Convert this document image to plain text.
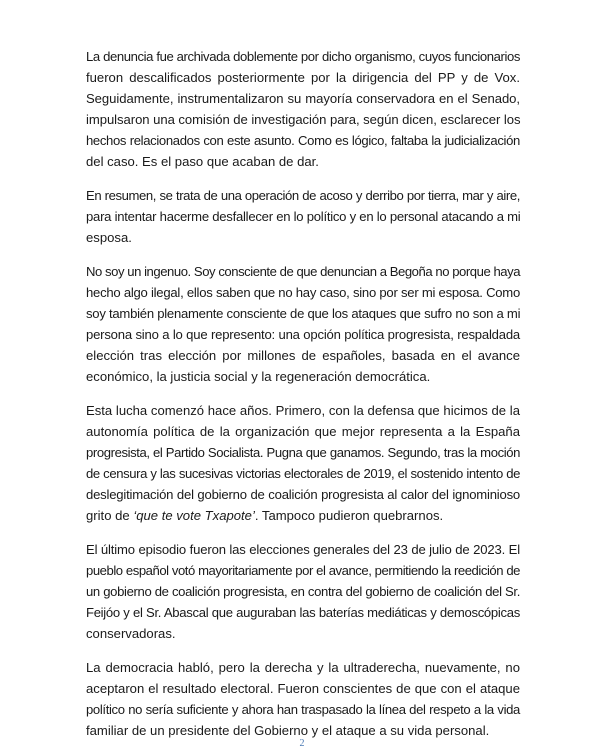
La denuncia fue archivada doblemente por dicho organismo, cuyos funcionarios
fueron descalificados posteriormente por la dirigencia del PP y de Vox.
Seguidamente, instrumentalizaron su mayoría conservadora en el Senado,
impulsaron una comisión de investigación para, según dicen, esclarecer los
hechos relacionados con este asunto. Como es lógico, faltaba la judicialización
del caso. Es el paso que acaban de dar.

En resumen, se trata de una operación de acoso y derribo por tierra, mar y aire,
para intentar hacerme desfallecer en lo político y en lo personal atacando a mi
esposa.

No soy un ingenuo. Soy consciente de que denuncian a Begoña no porque haya
hecho algo ilegal, ellos saben que no hay caso, sino por ser mi esposa. Como
soy también plenamente consciente de que los ataques que sufro no son a mi
persona sino a lo que represento: una opción política progresista, respaldada
elección tras elección por millones de españoles, basada en el avance
económico, la justicia social y la regeneración democrática.

Esta lucha comenzó hace años. Primero, con la defensa que hicimos de la
autonomía política de la organización que mejor representa a la España
progresista, el Partido Socialista. Pugna que ganamos. Segundo, tras la moción
de censura y las sucesivas victorias electorales de 2019, el sostenido intento de
deslegitimación del gobierno de coalición progresista al calor del ignominioso
grito de ‘que te vote Txapote’. Tampoco pudieron quebrarnos.

El último episodio fueron las elecciones generales del 23 de julio de 2023. El
pueblo español votó mayoritariamente por el avance, permitiendo la reedición de
un gobierno de coalición progresista, en contra del gobierno de coalición del Sr.
Feijóo y el Sr. Abascal que auguraban las baterías mediáticas y demoscópicas
conservadoras.

La democracia habló, pero la derecha y la ultraderecha, nuevamente, no
aceptaron el resultado electoral. Fueron conscientes de que con el ataque
político no sería suficiente y ahora han traspasado la línea del respeto a la vida
familiar de un presidente del Gobierno y el ataque a su vida personal.

2
